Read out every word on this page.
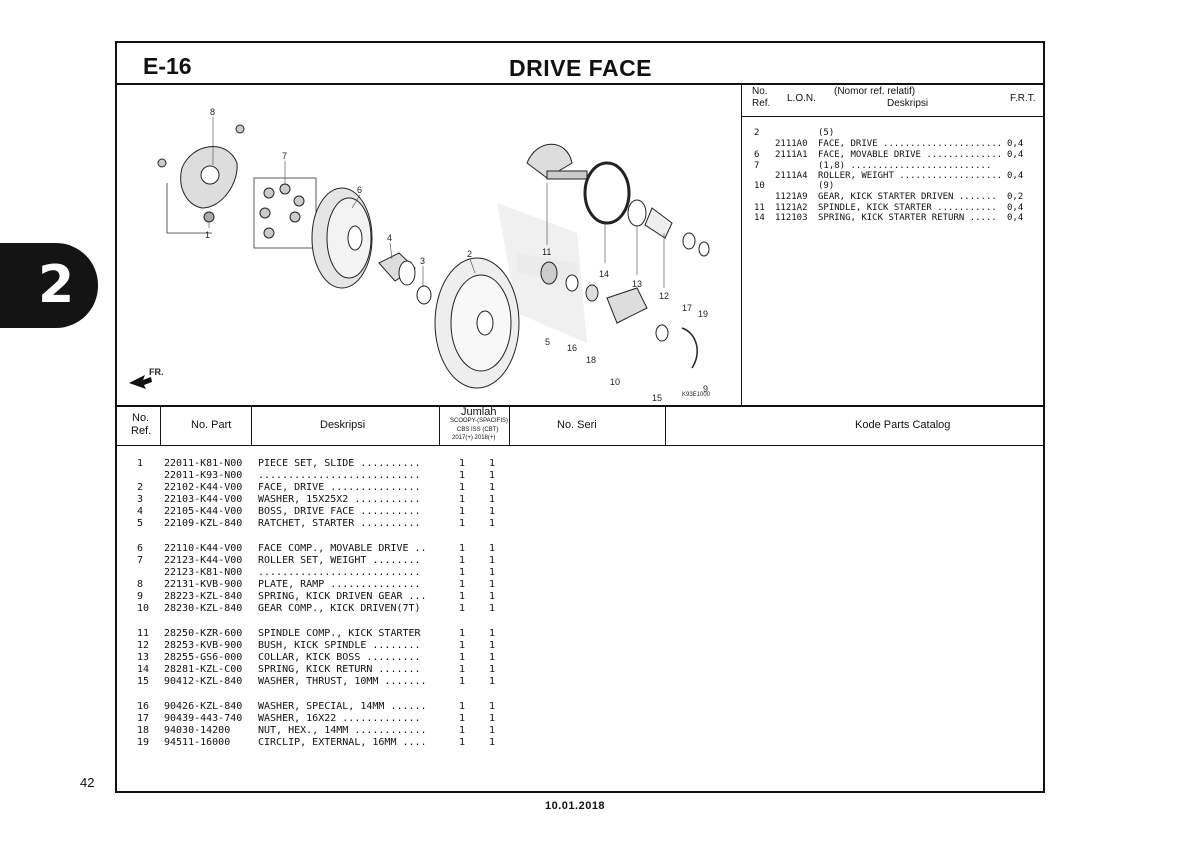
2
42
10.01.2018
E-16	DRIVE FACE
8
7
6
4
3
2
1
11
14
13
12
17
19
5
16
18
10
15
9
FR.
K93E1000
No.
Ref. L.O.N.
(Nomor ref. relatif)
Deskripsi	F.R.T.
2	(5)
2111A0 FACE, DRIVE ...................... 0,4
6 2111A1 FACE, MOVABLE DRIVE .............. 0,4
7	(1,8) ..........................
2111A4 ROLLER, WEIGHT ................... 0,4
10	(9)
1121A9 GEAR, KICK STARTER DRIVEN ....... 0,2
11 1121A2 SPINDLE, KICK STARTER ........... 0,4
14 112103 SPRING, KICK STARTER RETURN ..... 0,4
No.
Ref.	No. Part	Deskripsi
Jumlah
SCOOPY-(SPACIFIS)
CBS ISS (CBT)
2017(+) 2018(+)
No. Seri	Kode Parts Catalog
1 22011-K81-N00 PIECE SET, SLIDE ..........	1 1
22011-K93-N00 ...........................	1 1
2 22102-K44-V00 FACE, DRIVE ...............	1 1
3 22103-K44-V00 WASHER, 15X25X2 ...........	1 1
4 22105-K44-V00 BOSS, DRIVE FACE ..........	1 1
5 22109-KZL-840 RATCHET, STARTER ..........	1 1
6 22110-K44-V00 FACE COMP., MOVABLE DRIVE ..	1 1
7 22123-K44-V00 ROLLER SET, WEIGHT ........	1 1
22123-K81-N00 ...........................	1 1
8 22131-KVB-900 PLATE, RAMP ...............	1 1
9 28223-KZL-840 SPRING, KICK DRIVEN GEAR ...	1 1
10 28230-KZL-840 GEAR COMP., KICK DRIVEN(7T)	1 1
11 28250-KZR-600 SPINDLE COMP., KICK STARTER	1 1
12 28253-KVB-900 BUSH, KICK SPINDLE ........	1 1
13 28255-GS6-000 COLLAR, KICK BOSS .........	1 1
14 28281-KZL-C00 SPRING, KICK RETURN .......	1 1
15 90412-KZL-840 WASHER, THRUST, 10MM .......	1 1
16 90426-KZL-840 WASHER, SPECIAL, 14MM ......	1 1
17 90439-443-740 WASHER, 16X22 .............	1 1
18 94030-14200	NUT, HEX., 14MM ............	1 1
19 94511-16000	CIRCLIP, EXTERNAL, 16MM ....	1 1
